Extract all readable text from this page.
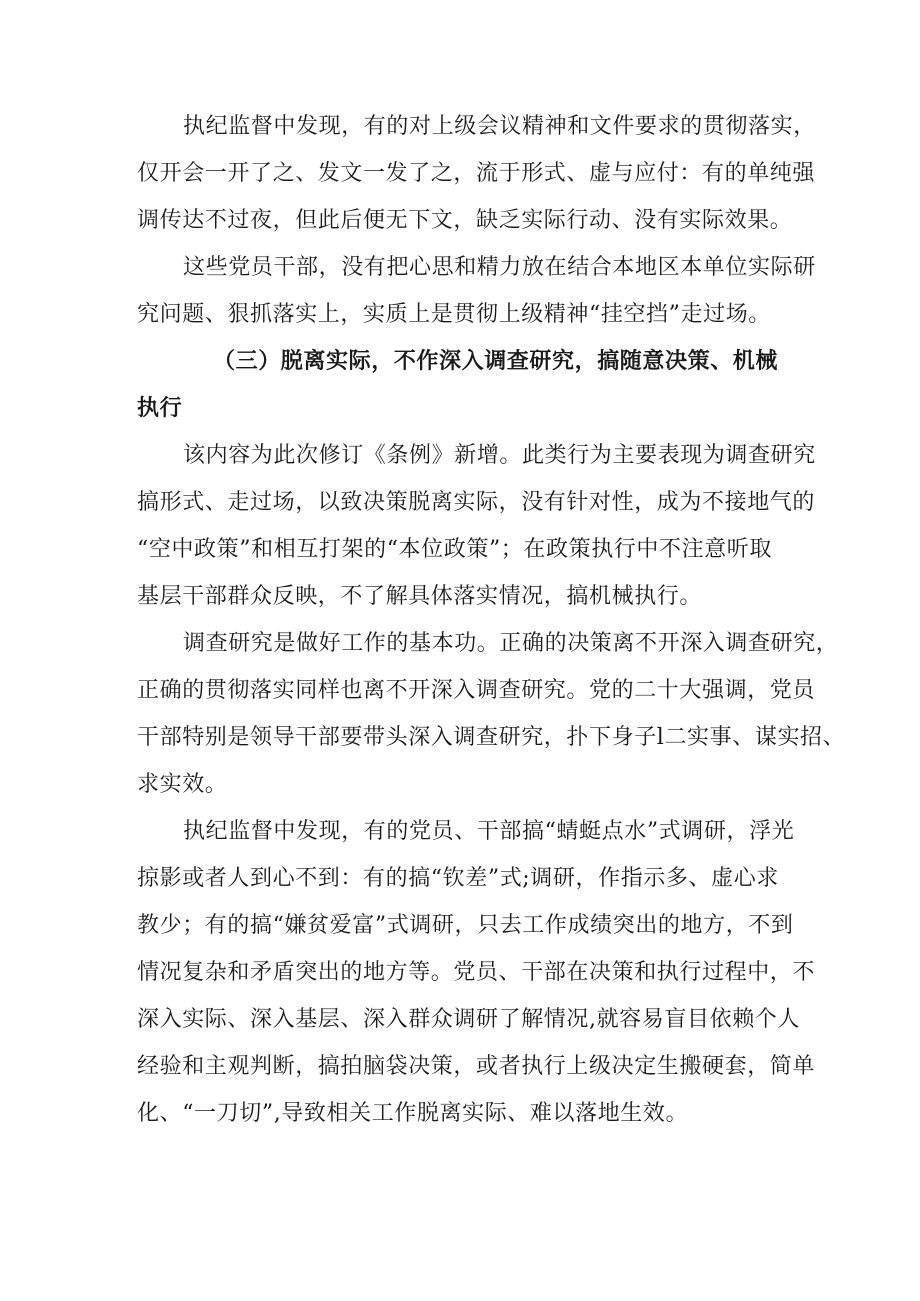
执纪监督中发现，有的对上级会议精神和文件要求的贯彻落实，
仅开会一开了之、发文一发了之，流于形式、虚与应付：有的单纯强
调传达不过夜，但此后便无下文，缺乏实际行动、没有实际效果。
这些党员干部，没有把心思和精力放在结合本地区本单位实际研
究问题、狠抓落实上，实质上是贯彻上级精神“挂空挡”走过场。
（三）脱离实际，不作深入调查研究，搞随意决策、机械
执行
该内容为此次修订《条例》新增。此类行为主要表现为调查研究
搞形式、走过场，以致决策脱离实际，没有针对性，成为不接地气的
“空中政策”和相互打架的“本位政策”；在政策执行中不注意听取
基层干部群众反映，不了解具体落实情况，搞机械执行。
调查研究是做好工作的基本功。正确的决策离不开深入调查研究，
正确的贯彻落实同样也离不开深入调查研究。党的二十大强调，党员
干部特别是领导干部要带头深入调查研究，扑下身子l二实事、谋实招、
求实效。
执纪监督中发现，有的党员、干部搞“蜻蜓点水”式调研，浮光
掠影或者人到心不到：有的搞“钦差”式;调研，作指示多、虚心求
教少；有的搞“嫌贫爱富”式调研，只去工作成绩突出的地方，不到
情况复杂和矛盾突出的地方等。党员、干部在决策和执行过程中，不
深入实际、深入基层、深入群众调研了解情况,就容易盲目依赖个人
经验和主观判断，搞拍脑袋决策，或者执行上级决定生搬硬套，简单
化、“一刀切”,导致相关工作脱离实际、难以落地生效。
